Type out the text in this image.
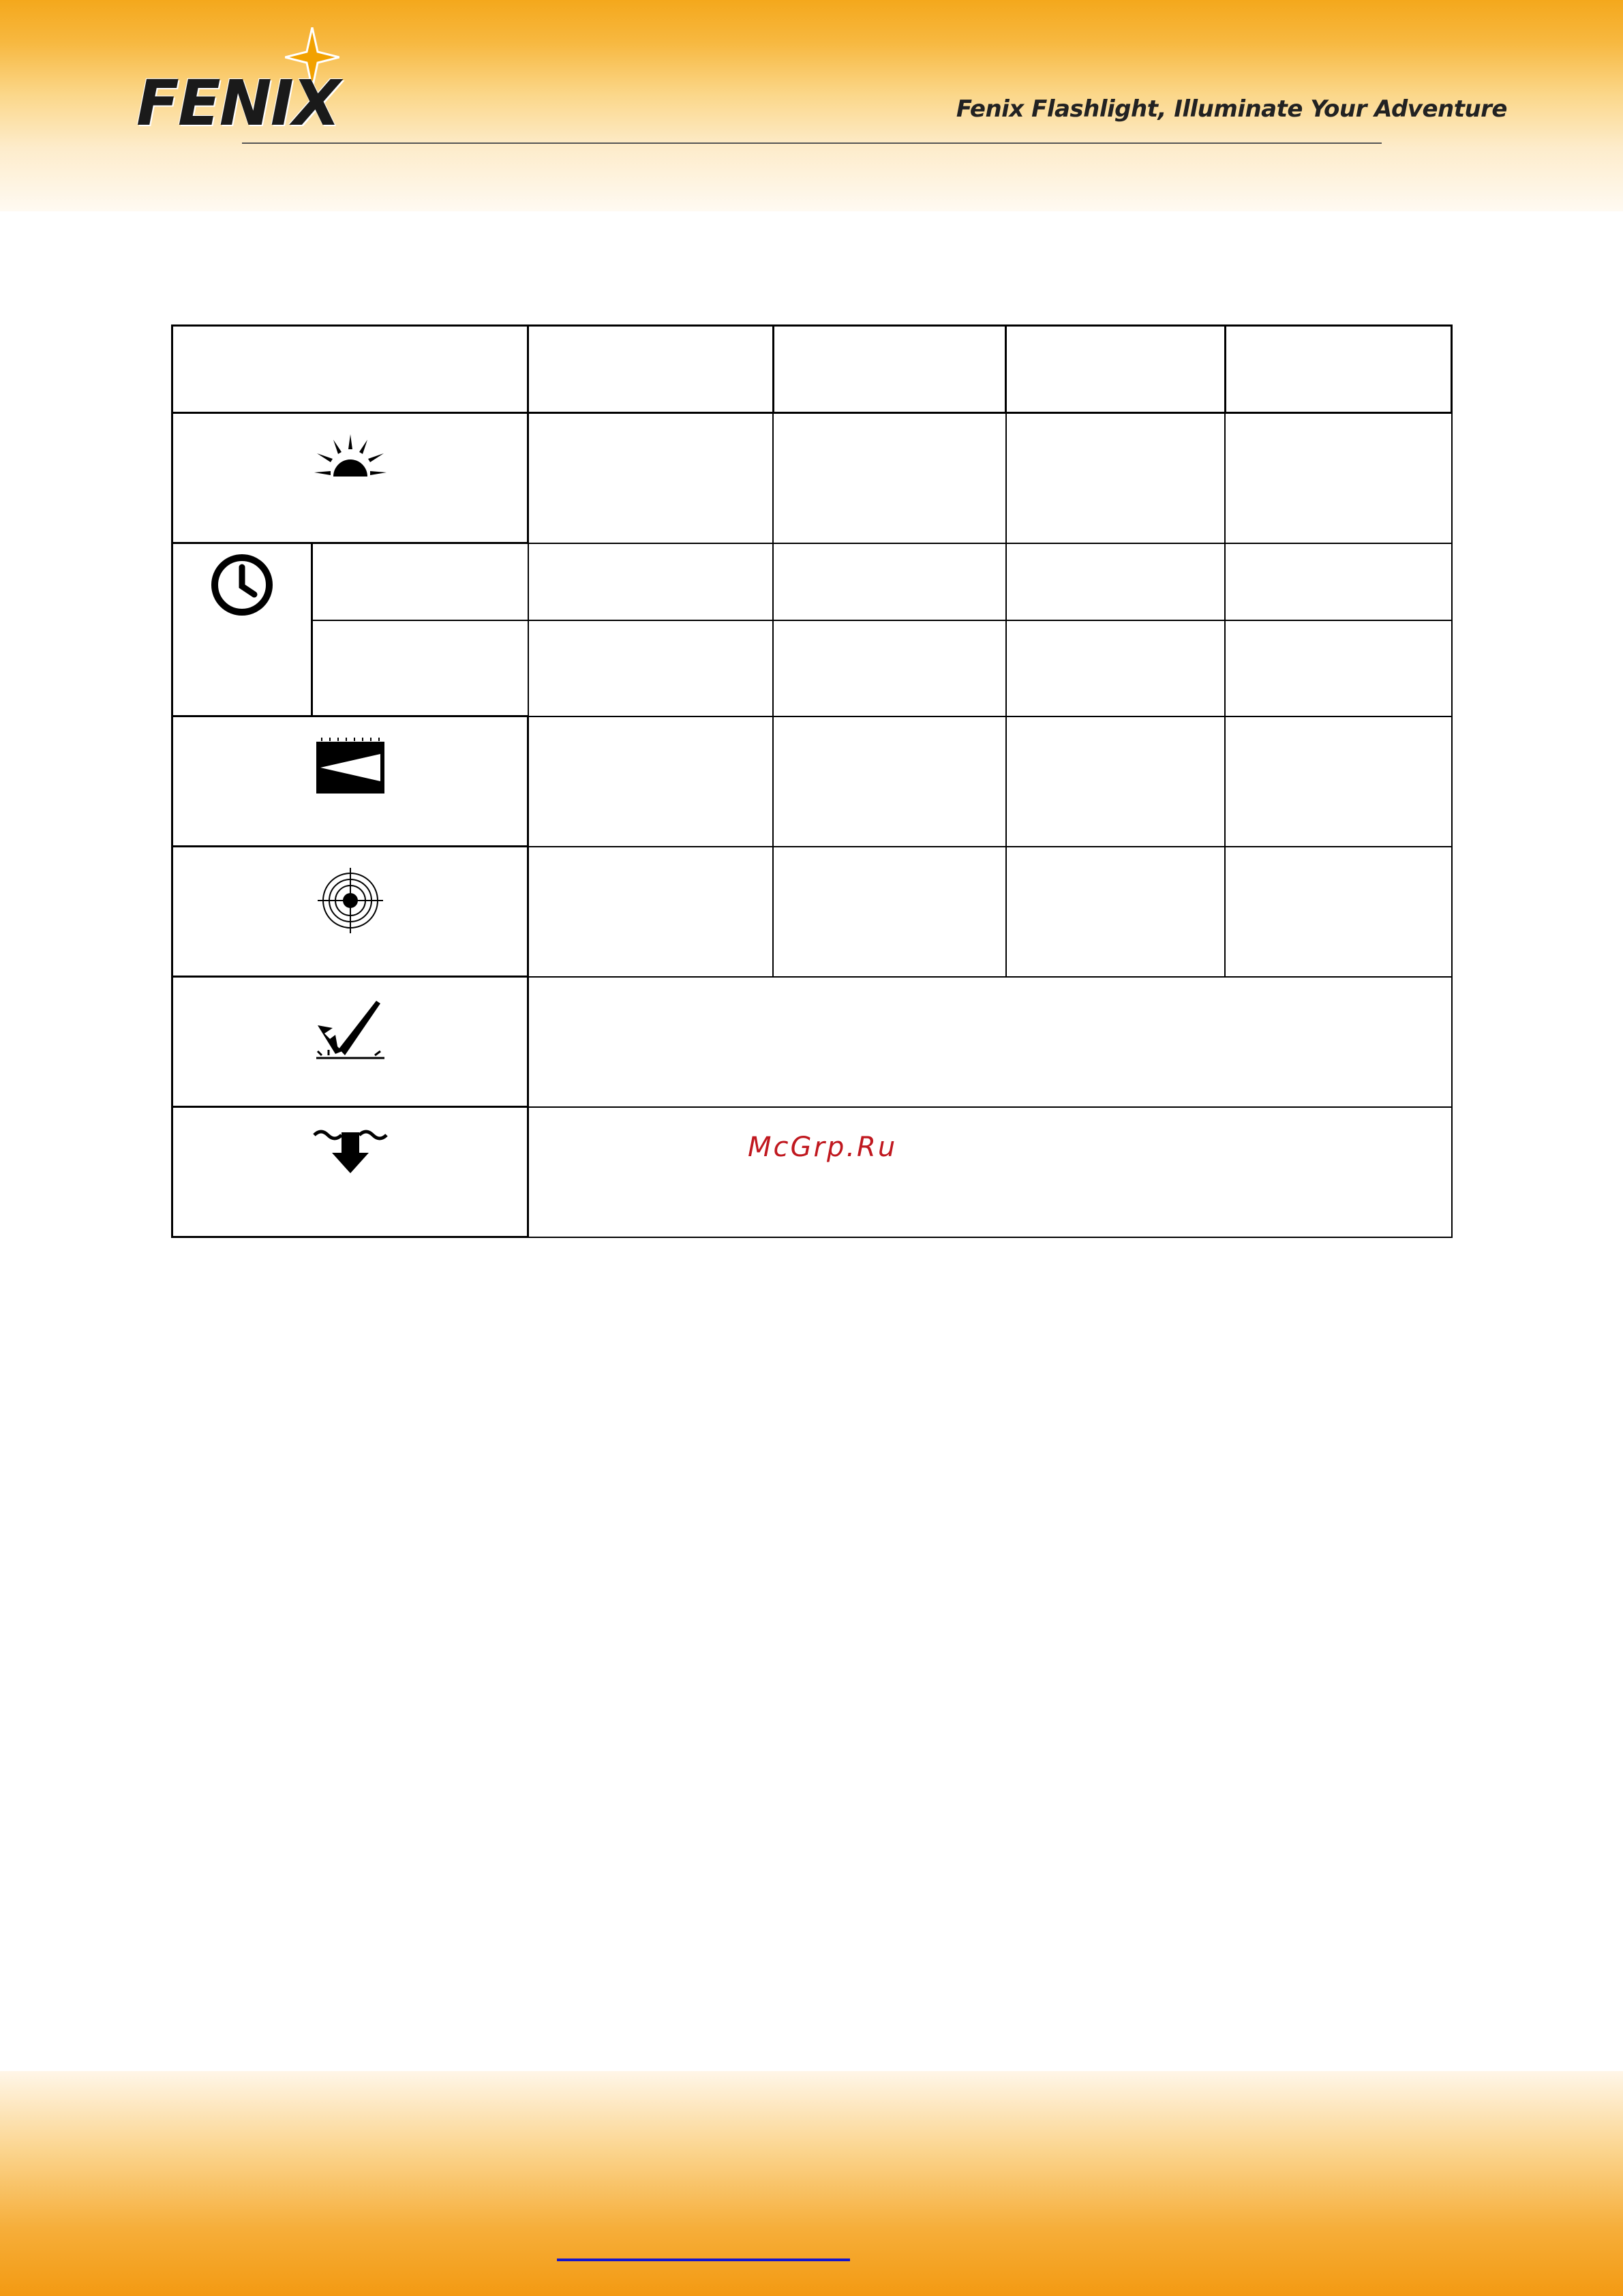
FENIX	Fenix Flashlight, Illuminate Your Adventure

McGrp.Ru
